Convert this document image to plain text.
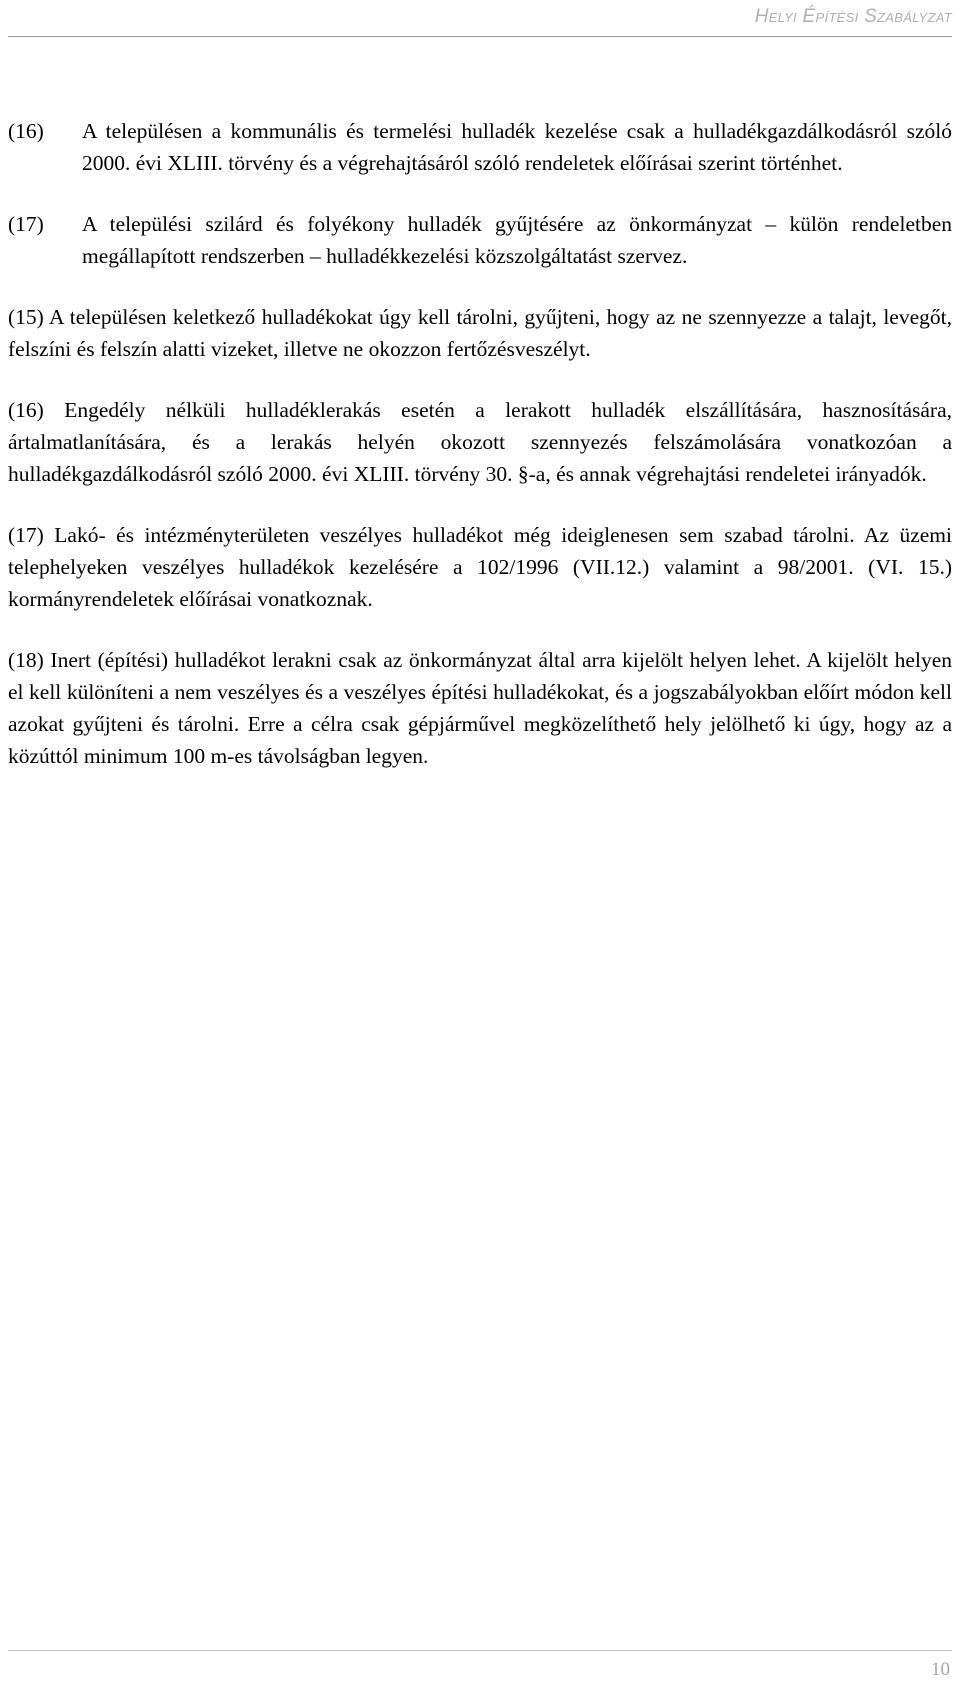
Helyi Építési Szabályzat
(16)	A településen a kommunális és termelési hulladék kezelése csak a hulladékgazdálkodásról szóló 2000. évi XLIII. törvény és a végrehajtásáról szóló rendeletek előírásai szerint történhet.
(17)	A települési szilárd és folyékony hulladék gyűjtésére az önkormányzat – külön rendeletben megállapított rendszerben – hulladékkezelési közszolgáltatást szervez.

(15) A településen keletkező hulladékokat úgy kell tárolni, gyűjteni, hogy az ne szennyezze a talajt, levegőt, felszíni és felszín alatti vizeket, illetve ne okozzon fertőzésveszélyt.

(16) Engedély nélküli hulladéklerakás esetén a lerakott hulladék elszállítására, hasznosítására, ártalmatlanítására, és a lerakás helyén okozott szennyezés felszámolására vonatkozóan a hulladékgazdálkodásról szóló 2000. évi XLIII. törvény 30. §-a, és annak végrehajtási rendeletei irányadók.

(17) Lakó- és intézményterületen veszélyes hulladékot még ideiglenesen sem szabad tárolni. Az üzemi telephelyeken veszélyes hulladékok kezelésére a 102/1996 (VII.12.) valamint a 98/2001. (VI. 15.) kormányrendeletek előírásai vonatkoznak.

(18) Inert (építési) hulladékot lerakni csak az önkormányzat által arra kijelölt helyen lehet. A kijelölt helyen el kell különíteni a nem veszélyes és a veszélyes építési hulladékokat, és a jogszabályokban előírt módon kell azokat gyűjteni és tárolni. Erre a célra csak gépjárművel megközelíthető hely jelölhető ki úgy, hogy az a közúttól minimum 100 m-es távolságban legyen.

10
